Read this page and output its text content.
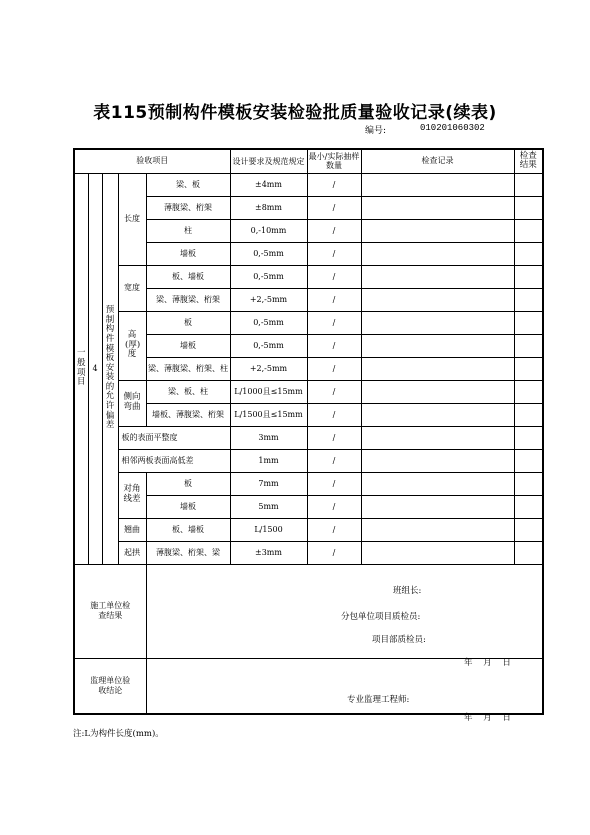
表115预制构件模板安装检验批质量验收记录(续表)
编号:	010201060302
验收项目					设计要求及规范规定	最小/实际抽样数量	检查记录	检查结果
一般项目	4	预制构件模板安装的允许偏差	长度	梁、板	±4mm	/		
				薄腹梁、桁架	±8mm	/		
				柱	0,-10mm	/		
				墙板	0,-5mm	/		
			宽度	板、墙板	0,-5mm	/		
				梁、薄腹梁、桁架	+2,-5mm	/		
			高(厚)度	板	0,-5mm	/		
				墙板	0,-5mm	/		
				梁、薄腹梁、桁架、柱	+2,-5mm	/		
			侧向弯曲	梁、板、柱	L/1000且≤15mm	/		
				墙板、薄腹梁、桁架	L/1500且≤15mm	/		
			板的表面平整度		3mm	/		
			相邻两板表面高低差		1mm	/		
			对角线差	板	7mm	/		
				墙板	5mm	/		
			翘曲	板、墙板	L/1500	/		
			起拱	薄腹梁、桁架、梁	±3mm	/		
施工单位检查结果								
监理单位验收结论								
班组长:
分包单位项目质检员:
项目部质检员:
年 月 日
专业监理工程师:
年 月 日
注:L为构件长度(mm)。
